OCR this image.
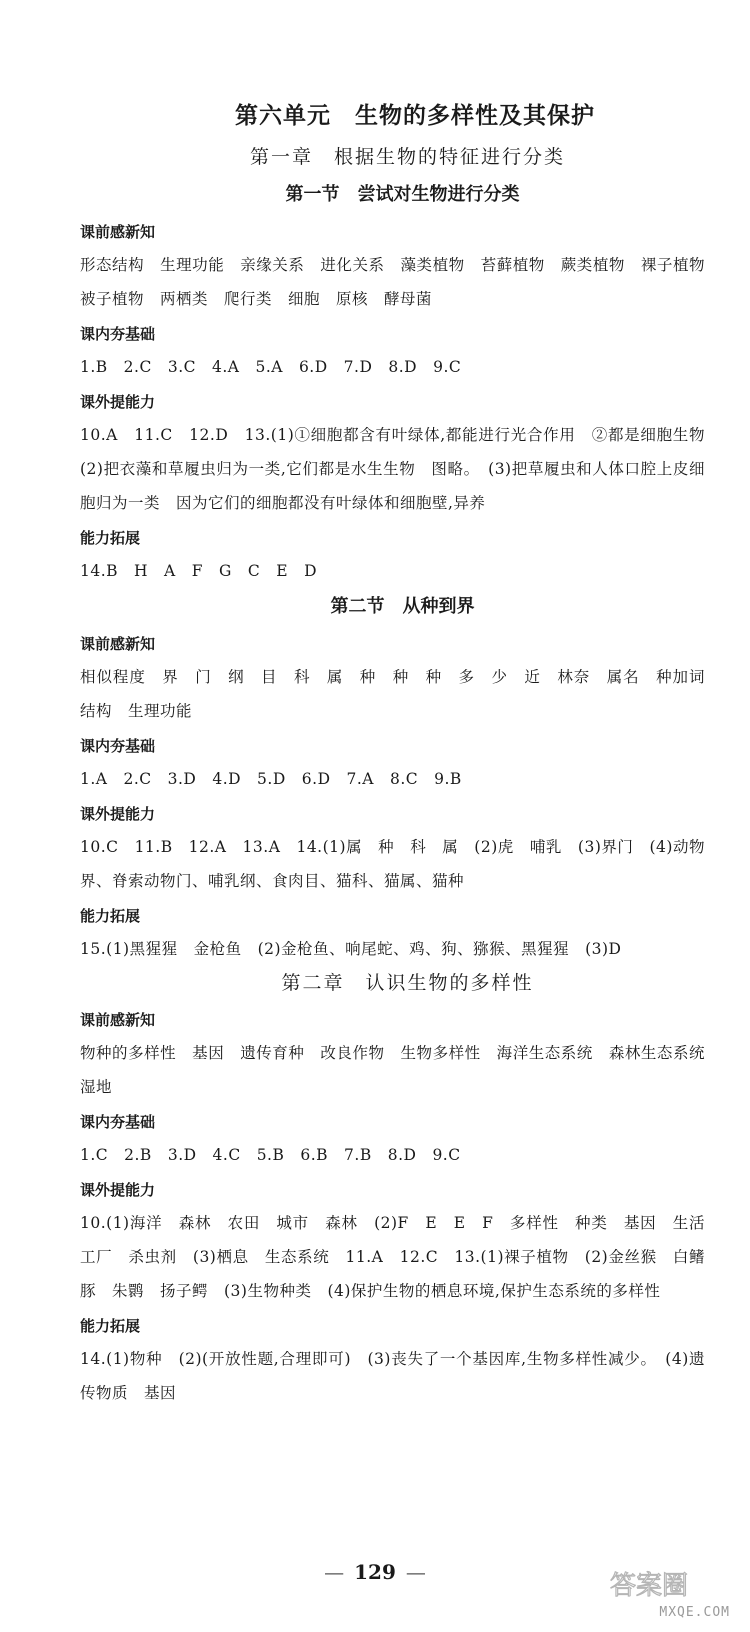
第六单元　生物的多样性及其保护
第一章　根据生物的特征进行分类
第一节　尝试对生物进行分类
课前感新知
形态结构　生理功能　亲缘关系　进化关系　藻类植物　苔藓植物　蕨类植物　裸子植物　被子植物　两栖类　爬行类　细胞　原核　酵母菌
课内夯基础
1.B　2.C　3.C　4.A　5.A　6.D　7.D　8.D　9.C
课外提能力
10.A　11.C　12.D　13.(1)①细胞都含有叶绿体,都能进行光合作用　②都是细胞生物　(2)把衣藻和草履虫归为一类,它们都是水生生物　图略。　(3)把草履虫和人体口腔上皮细胞归为一类　因为它们的细胞都没有叶绿体和细胞壁,异养
能力拓展
14.B　H　A　F　G　C　E　D
第二节　从种到界
课前感新知
相似程度　界　门　纲　目　科　属　种　种　种　多　少　近　林奈　属名　种加词　结构　生理功能
课内夯基础
1.A　2.C　3.D　4.D　5.D　6.D　7.A　8.C　9.B
课外提能力
10.C　11.B　12.A　13.A　14.(1)属　种　科　属　(2)虎　哺乳　(3)界门　(4)动物界、脊索动物门、哺乳纲、食肉目、猫科、猫属、猫种
能力拓展
15.(1)黑猩猩　金枪鱼　(2)金枪鱼、响尾蛇、鸡、狗、猕猴、黑猩猩　(3)D
第二章　认识生物的多样性
课前感新知
物种的多样性　基因　遗传育种　改良作物　生物多样性　海洋生态系统　森林生态系统　湿地
课内夯基础
1.C　2.B　3.D　4.C　5.B　6.B　7.B　8.D　9.C
课外提能力
10.(1)海洋　森林　农田　城市　森林　(2)F　E　E　F　多样性　种类　基因　生活　工厂　杀虫剂　(3)栖息　生态系统　11.A　12.C　13.(1)裸子植物　(2)金丝猴　白鳍豚　朱鹮　扬子鳄　(3)生物种类　(4)保护生物的栖息环境,保护生态系统的多样性
能力拓展
14.(1)物种　(2)(开放性题,合理即可)　(3)丧失了一个基因库,生物多样性减少。　(4)遗传物质　基因
— 129 —	答案圈
MXQE.COM
